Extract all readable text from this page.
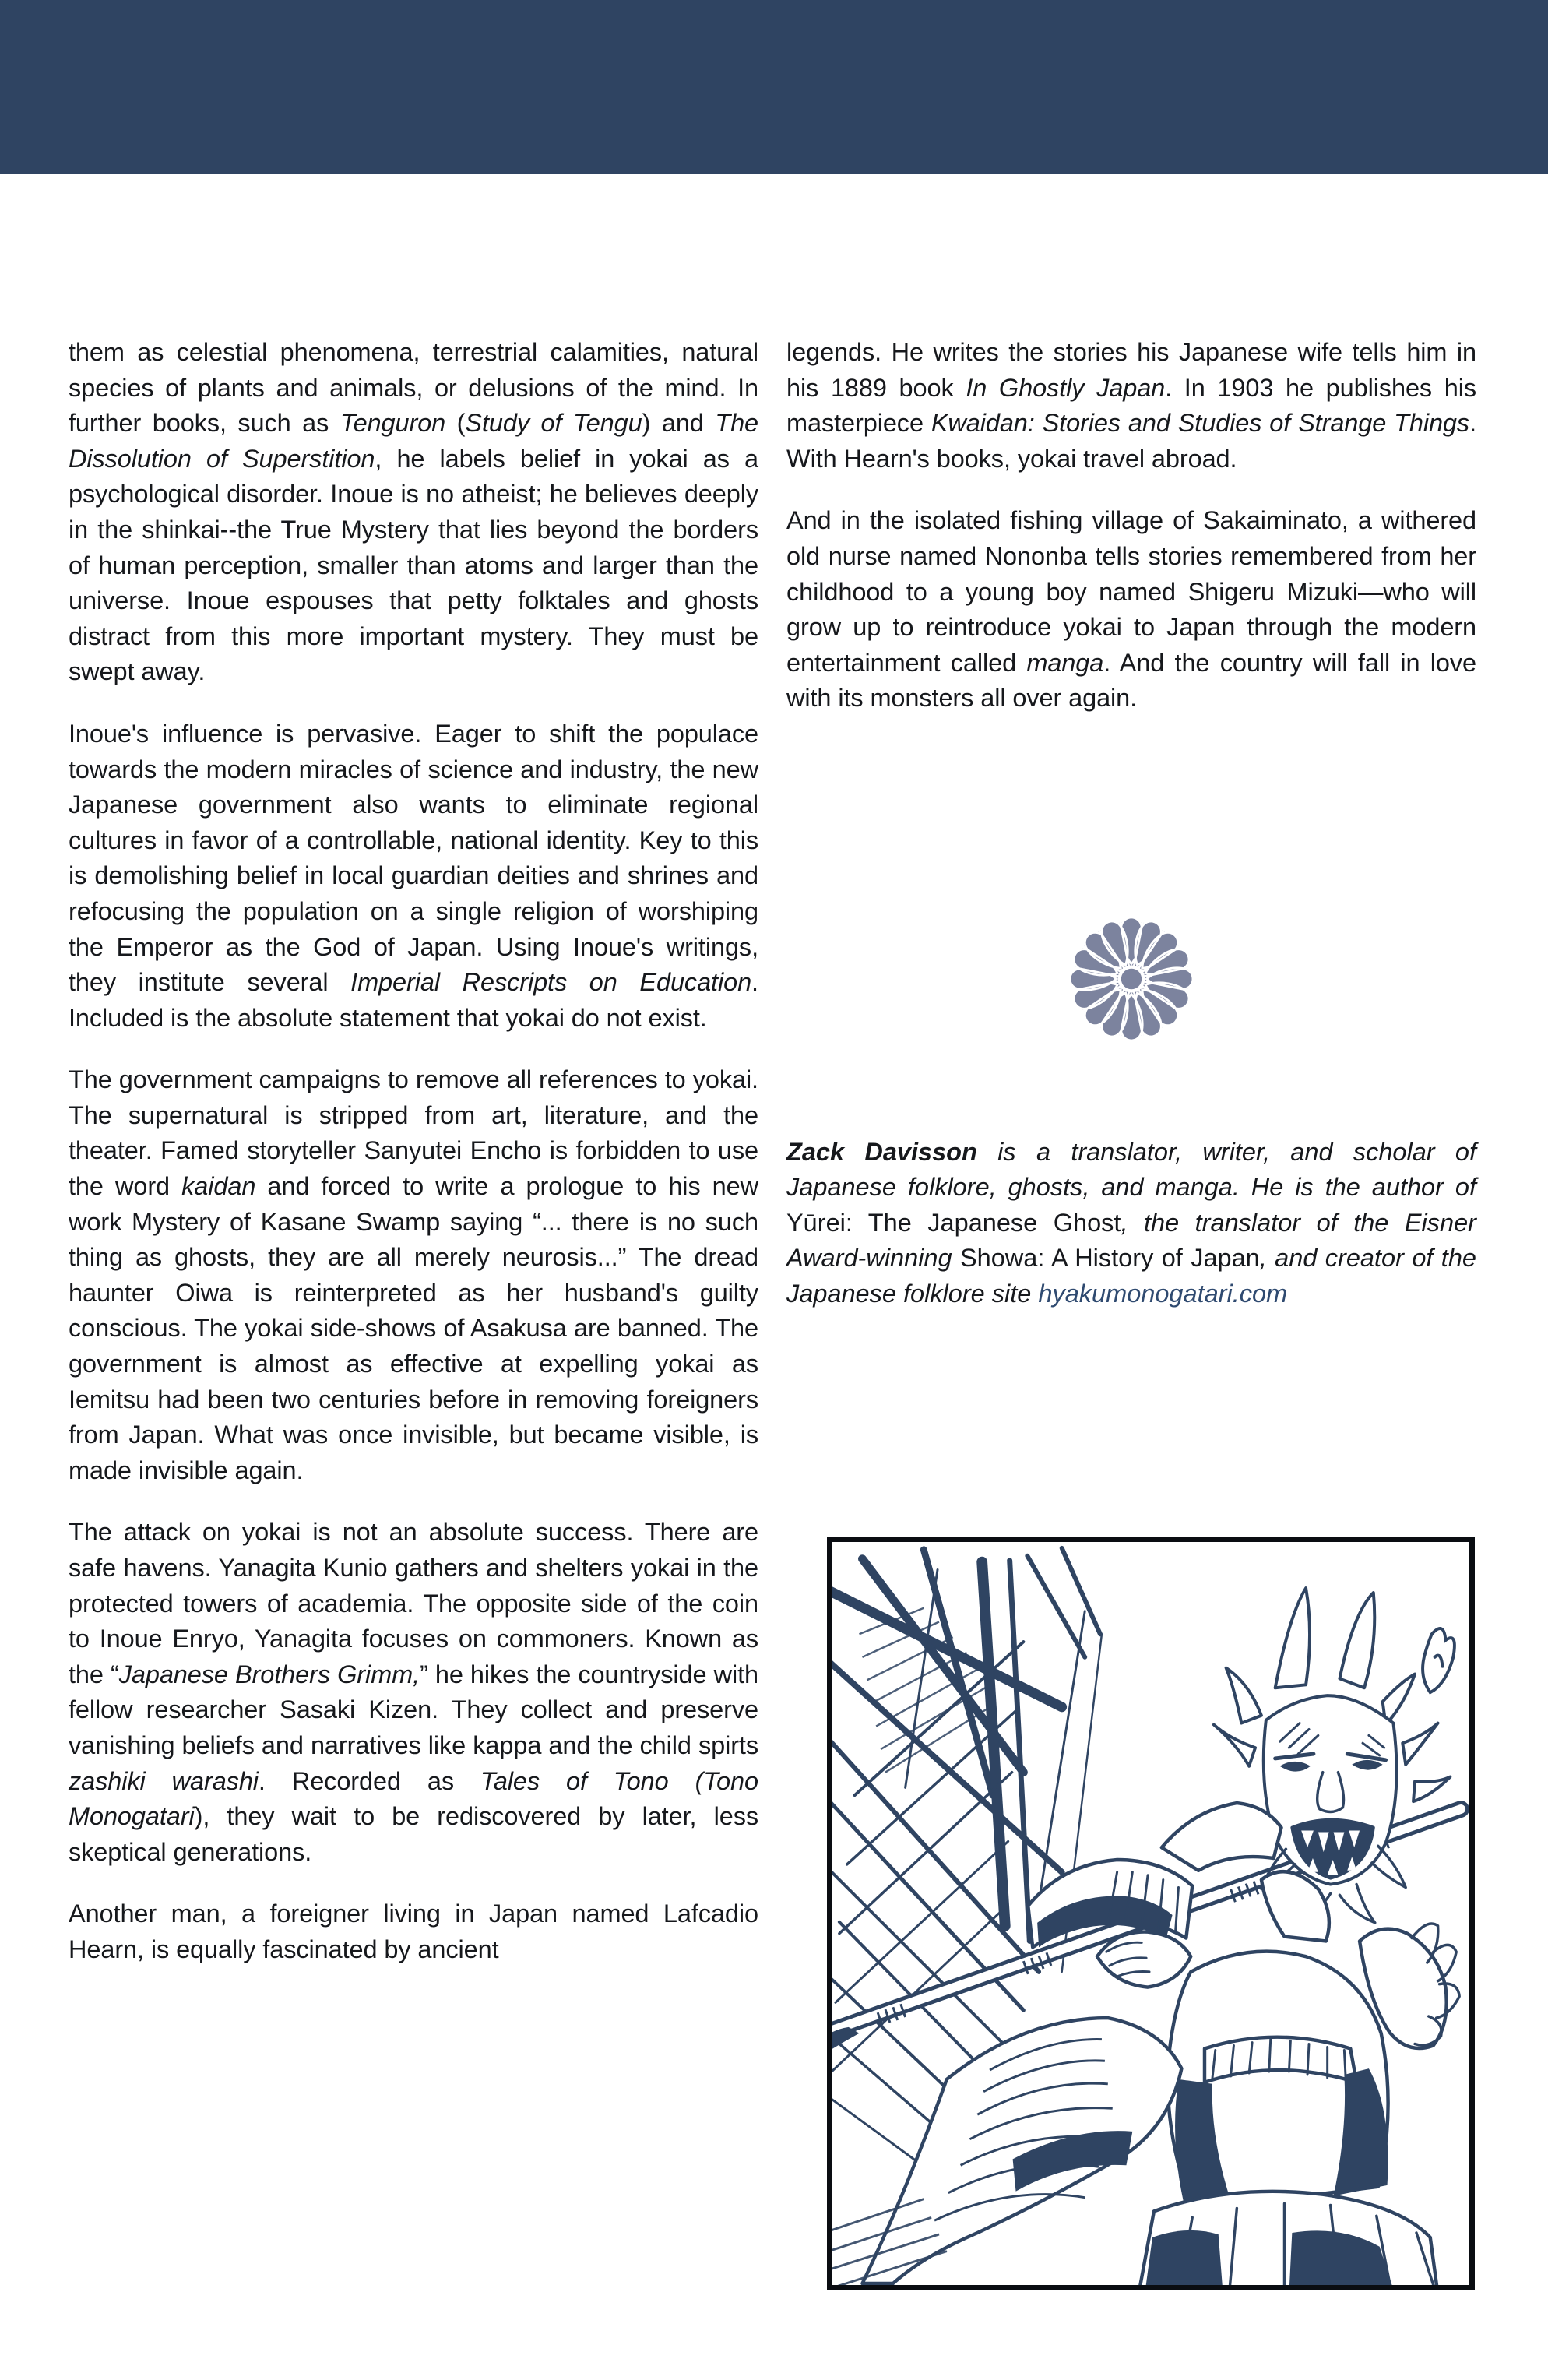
them as celestial phenomena, terrestrial calamities, natural species of plants and animals, or delusions of the mind. In further books, such as Tenguron (Study of Tengu) and The Dissolution of Superstition, he labels belief in yokai as a psychological disorder. Inoue is no atheist; he believes deeply in the shinkai--the True Mystery that lies beyond the borders of human perception, smaller than atoms and larger than the universe. Inoue espouses that petty folktales and ghosts distract from this more important mystery. They must be swept away.

Inoue's influence is pervasive. Eager to shift the populace towards the modern miracles of science and industry, the new Japanese government also wants to eliminate regional cultures in favor of a controllable, national identity. Key to this is demolishing belief in local guardian deities and shrines and refocusing the population on a single religion of worshiping the Emperor as the God of Japan. Using Inoue's writings, they institute several Imperial Rescripts on Education. Included is the absolute statement that yokai do not exist.

The government campaigns to remove all references to yokai. The supernatural is stripped from art, literature, and the theater. Famed storyteller Sanyutei Encho is forbidden to use the word kaidan and forced to write a prologue to his new work Mystery of Kasane Swamp saying “... there is no such thing as ghosts, they are all merely neurosis...” The dread haunter Oiwa is reinterpreted as her husband's guilty conscious. The yokai side-shows of Asakusa are banned. The government is almost as effective at expelling yokai as Iemitsu had been two centuries before in removing foreigners from Japan. What was once invisible, but became visible, is made invisible again.

The attack on yokai is not an absolute success. There are safe havens. Yanagita Kunio gathers and shelters yokai in the protected towers of academia. The opposite side of the coin to Inoue Enryo, Yanagita focuses on commoners. Known as the “Japanese Brothers Grimm,” he hikes the countryside with fellow researcher Sasaki Kizen. They collect and preserve vanishing beliefs and narratives like kappa and the child spirts zashiki warashi. Recorded as Tales of Tono (Tono Monogatari), they wait to be rediscovered by later, less skeptical generations.

Another man, a foreigner living in Japan named Lafcadio Hearn, is equally fascinated by ancient

legends. He writes the stories his Japanese wife tells him in his 1889 book In Ghostly Japan. In 1903 he publishes his masterpiece Kwaidan: Stories and Studies of Strange Things. With Hearn's books, yokai travel abroad.

And in the isolated fishing village of Sakaiminato, a withered old nurse named Nononba tells stories remembered from her childhood to a young boy named Shigeru Mizuki—who will grow up to reintroduce yokai to Japan through the modern entertainment called manga. And the country will fall in love with its monsters all over again.

Zack Davisson is a translator, writer, and scholar of Japanese folklore, ghosts, and manga. He is the author of Yūrei: The Japanese Ghost, the translator of the Eisner Award-winning Showa: A History of Japan, and creator of the Japanese folklore site hyakumonogatari.com
